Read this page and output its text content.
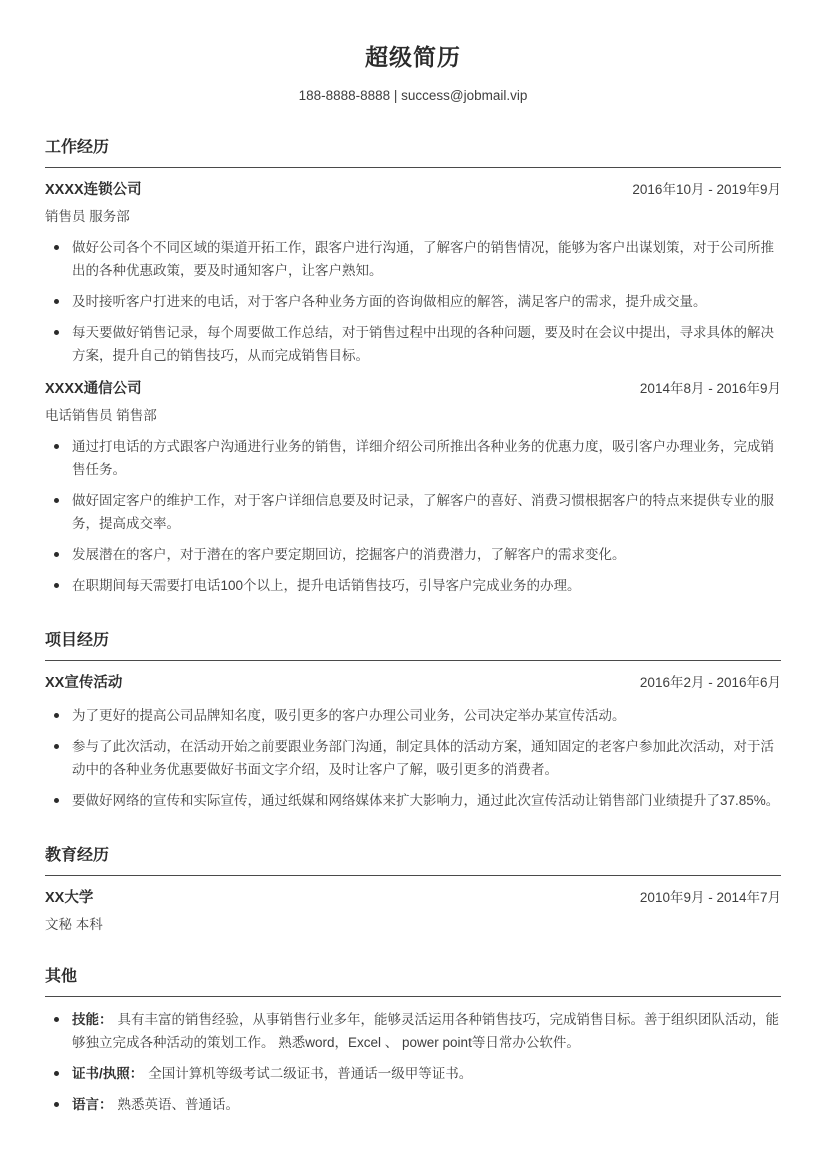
超级简历
188-8888-8888 | success@jobmail.vip
工作经历
XXXX连锁公司	2016年10月 - 2019年9月
销售员 服务部
做好公司各个不同区域的渠道开拓工作，跟客户进行沟通，了解客户的销售情况，能够为客户出谋划策，对于公司所推出的各种优惠政策，要及时通知客户，让客户熟知。
及时接听客户打进来的电话，对于客户各种业务方面的咨询做相应的解答，满足客户的需求，提升成交量。
每天要做好销售记录，每个周要做工作总结，对于销售过程中出现的各种问题，要及时在会议中提出，寻求具体的解决方案，提升自己的销售技巧，从而完成销售目标。
XXXX通信公司	2014年8月 - 2016年9月
电话销售员 销售部
通过打电话的方式跟客户沟通进行业务的销售，详细介绍公司所推出各种业务的优惠力度，吸引客户办理业务，完成销售任务。
做好固定客户的维护工作，对于客户详细信息要及时记录，了解客户的喜好、消费习惯根据客户的特点来提供专业的服务，提高成交率。
发展潜在的客户，对于潜在的客户要定期回访，挖掘客户的消费潜力，了解客户的需求变化。
在职期间每天需要打电话100个以上，提升电话销售技巧，引导客户完成业务的办理。
项目经历
XX宣传活动	2016年2月 - 2016年6月
为了更好的提高公司品牌知名度，吸引更多的客户办理公司业务，公司决定举办某宣传活动。
参与了此次活动，在活动开始之前要跟业务部门沟通，制定具体的活动方案，通知固定的老客户参加此次活动，对于活动中的各种业务优惠要做好书面文字介绍，及时让客户了解，吸引更多的消费者。
要做好网络的宣传和实际宣传，通过纸媒和网络媒体来扩大影响力，通过此次宣传活动让销售部门业绩提升了37.85%。
教育经历
XX大学	2010年9月 - 2014年7月
文秘 本科
其他
技能： 具有丰富的销售经验，从事销售行业多年，能够灵活运用各种销售技巧，完成销售目标。善于组织团队活动，能够独立完成各种活动的策划工作。 熟悉word，Excel 、 power point等日常办公软件。
证书/执照： 全国计算机等级考试二级证书，普通话一级甲等证书。
语言： 熟悉英语、普通话。
